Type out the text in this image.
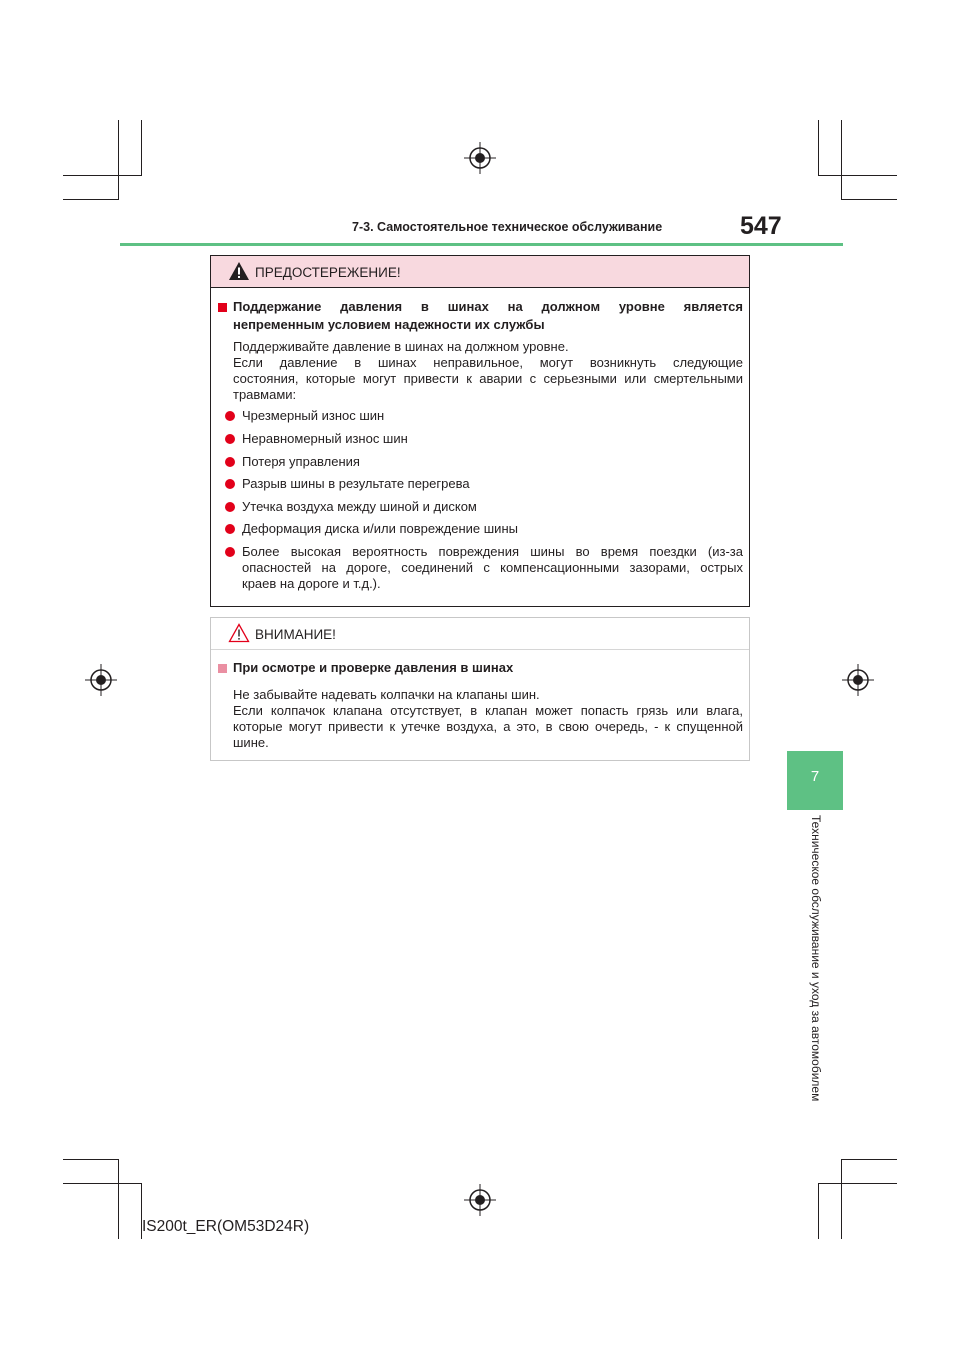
7-3. Самостоятельное техническое обслуживание	547
7
Техническое обслуживание и уход за автомобилем
ПРЕДОСТЕРЕЖЕНИЕ!
Поддержание давления в шинах на должном уровне является
непременным условием надежности их службы
Поддерживайте давление в шинах на должном уровне.
Если давление в шинах неправильное, могут возникнуть следующие
состояния, которые могут привести к аварии с серьезными или смертельными
травмами:
Чрезмерный износ шин
Неравномерный износ шин
Потеря управления
Разрыв шины в результате перегрева
Утечка воздуха между шиной и диском
Деформация диска и/или повреждение шины
Более высокая вероятность повреждения шины во время поездки (из-за
опасностей на дороге, соединений с компенсационными зазорами, острых
краев на дороге и т.д.).
ВНИМАНИЕ!
При осмотре и проверке давления в шинах
Не забывайте надевать колпачки на клапаны шин.
Если колпачок клапана отсутствует, в клапан может попасть грязь или влага,
которые могут привести к утечке воздуха, а это, в свою очередь, - к спущенной
шине.
IS200t_ER(OM53D24R)
